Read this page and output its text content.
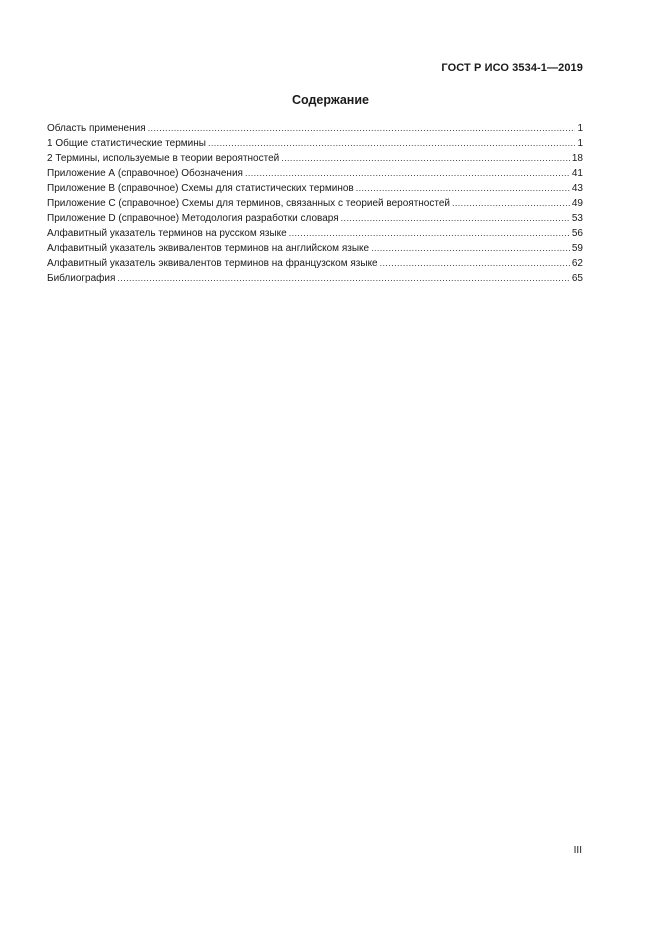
ГОСТ Р ИСО 3534-1—2019
Содержание
Область применения .....	1
1 Общие статистические термины .....	1
2 Термины, используемые в теории вероятностей .....	18
Приложение А (справочное) Обозначения .....	41
Приложение В (справочное) Схемы для статистических терминов .....	43
Приложение С (справочное) Схемы для терминов, связанных с теорией вероятностей .....	49
Приложение D (справочное) Методология разработки словаря .....	53
Алфавитный указатель терминов на русском языке .....	56
Алфавитный указатель эквивалентов терминов на английском языке .....	59
Алфавитный указатель эквивалентов терминов на французском языке .....	62
Библиография .....	65
III
